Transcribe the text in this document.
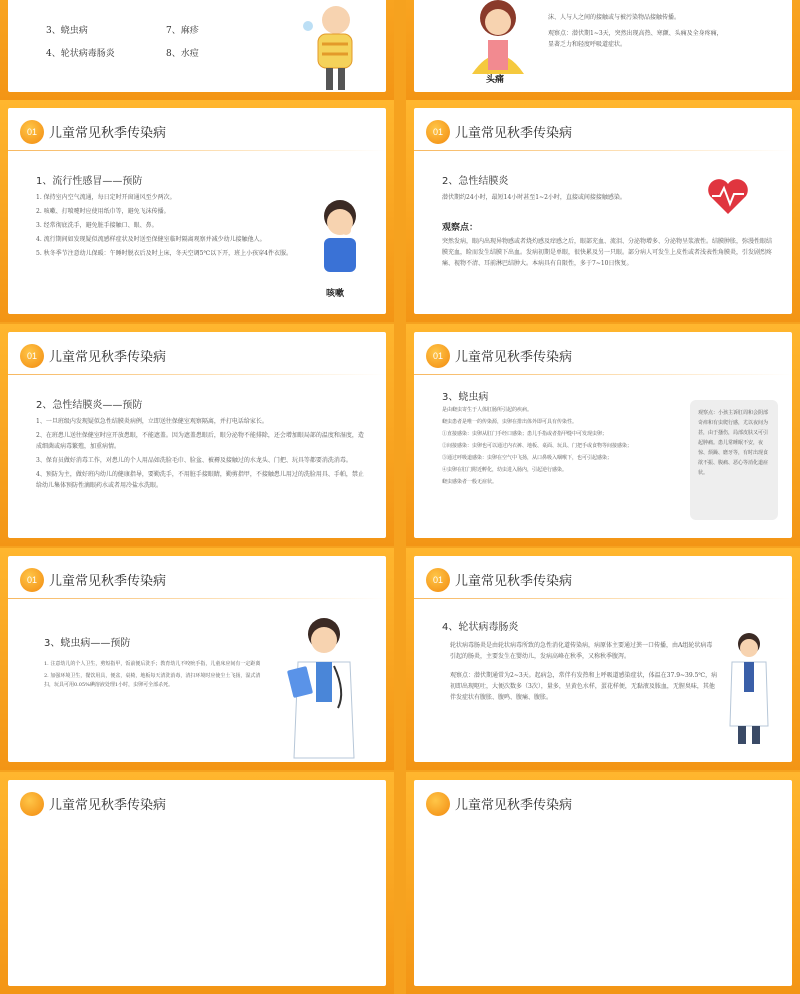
3、蛲虫病	7、麻疹
4、轮状病毒肠炎	8、水痘
头痛

沫、人与人之间的接触或与被污染物品接触传播。

观察点：潜伏期1~3天，突然出现高热、寒颤、头痛及全身疼痛，显著乏力和轻度呼吸道症状。

01 儿童常见秋季传染病
1、流行性感冒——预防

1. 保持室内空气流通，每日定时开窗通风至少两次。

2. 咳嗽、打喷嚏时应使用纸巾等，避免飞沫传播。

3. 经常彻底洗手，避免脏手接触口、眼、鼻。

4. 流行期间如发现疑似流感样症状及时送至保健室临时隔离观察并减少幼儿接触他人。

5. 秋冬季节注意幼儿保暖：午睡时脱衣后及时上床，冬天空调5℃以下开，班上小孩穿4件衣服。

咳嗽
01 儿童常见秋季传染病
2、急性结膜炎
潜伏期约24小时，最短14小时甚至1~2小时，直接或间接接触感染。
观察点：
突然发病，眼内出现异物感或者烧灼感及痒感之后，眼部充血、流泪、分泌物增多、分泌物呈浆液性。结膜肿胀，弥漫性眼结膜充血，睑而发生结膜下出血。发病初期是单眼，很快累及另一只眼。部分病人可发生上皮性或者浅表性角膜炎，引发剧烈疼痛、视物不清、耳前淋巴结肿大。本病具有自限性，多于7~10日恢复。
01 儿童常见秋季传染病
2、急性结膜炎——预防

1、一旦班级内发现疑似急性结膜炎病例，立即送往保健室观察隔离，并打电话给家长。

2、在班患儿送往保健室时应开放患眼，不能遮盖。因为遮盖患眼后，眼分泌物不能排除，还会增加眼局部的温度和湿度，造成细菌或病毒繁殖，加重病情。

3、保育员做好消毒工作，对患儿的个人用品如洗脸毛巾、脸盆、被褥及接触过的水龙头、门把、玩具等都要消洗消毒。

4、预防为主，做好班内幼儿的健康指导，要勤洗手，不用脏手接眼睛，勤剪指甲，不接触患儿用过的洗脸用具、手帕，禁止给幼儿集体预防性滴眼药水或者用冷盐水洗眼。

01 儿童常见秋季传染病
3、蛲虫病

是由蛲虫寄生于人体肛肠所引起的疾病。

蛲虫患者是唯一的传染源，虫卵在排出体外即可具有传染性。

①直接感染：虫卵从肛门手经口感染；患儿手指或者指甲缝中可发现虫卵；

②间接感染：虫卵也可以通过内衣裤、地板、桌面、玩具、门把手或食物等间接感染；

③通过呼吸道感染：虫卵在空气中飞扬，从口鼻吸入咽喉下，也可引起感染；

④虫卵在肛门附近孵化，幼虫进入肠内，引起逆行感染。

蛲虫感染者一般无症状。

观察点：小孩主诉肛周和会阴部奇痒和有虫爬行感，尤以夜间为甚，由于搔伤，局部皮肤又可引起肿痛。患儿常睡眠不安，夜惊、烦躁、磨牙等，有时出现食欲不振、腹痛、恶心等消化道症状。
01 儿童常见秋季传染病
3、蛲虫病——预防

1. 注意幼儿的个人卫生，剪短指甲，饭前便后洗手；教育幼儿不咬吮手指，儿童床应间有一定距离

2. 加强环境卫生，餐饮用具，便盆，桌椅，地板每天清洗消毒，清扫环境时应使尘土飞扬，湿式清扫，玩具可用0.05%碘溶液处理1小时，虫卵可全部杀死。

01 儿童常见秋季传染病
4、轮状病毒肠炎

轮状病毒肠炎是由轮状病毒所致的急性消化道传染病，病原体主要通过粪一口传播，由A组轮状病毒引起的肠炎，主要发生在婴幼儿，发病高峰在秋季，又称秋季腹泻。

观察点：潜伏期通常为2~3天。起病急，常伴有发热和上呼吸道感染症状，体温在37.9~39.5℃，病初即出现呕吐，大便次数多（3次），量多，呈黄色水样，蛋花样便，无黏液及脓血，无腥臭味，其他伴发症状有腹胀、腹鸣、腹痛、腹胀。

儿童常见秋季传染病	儿童常见秋季传染病
